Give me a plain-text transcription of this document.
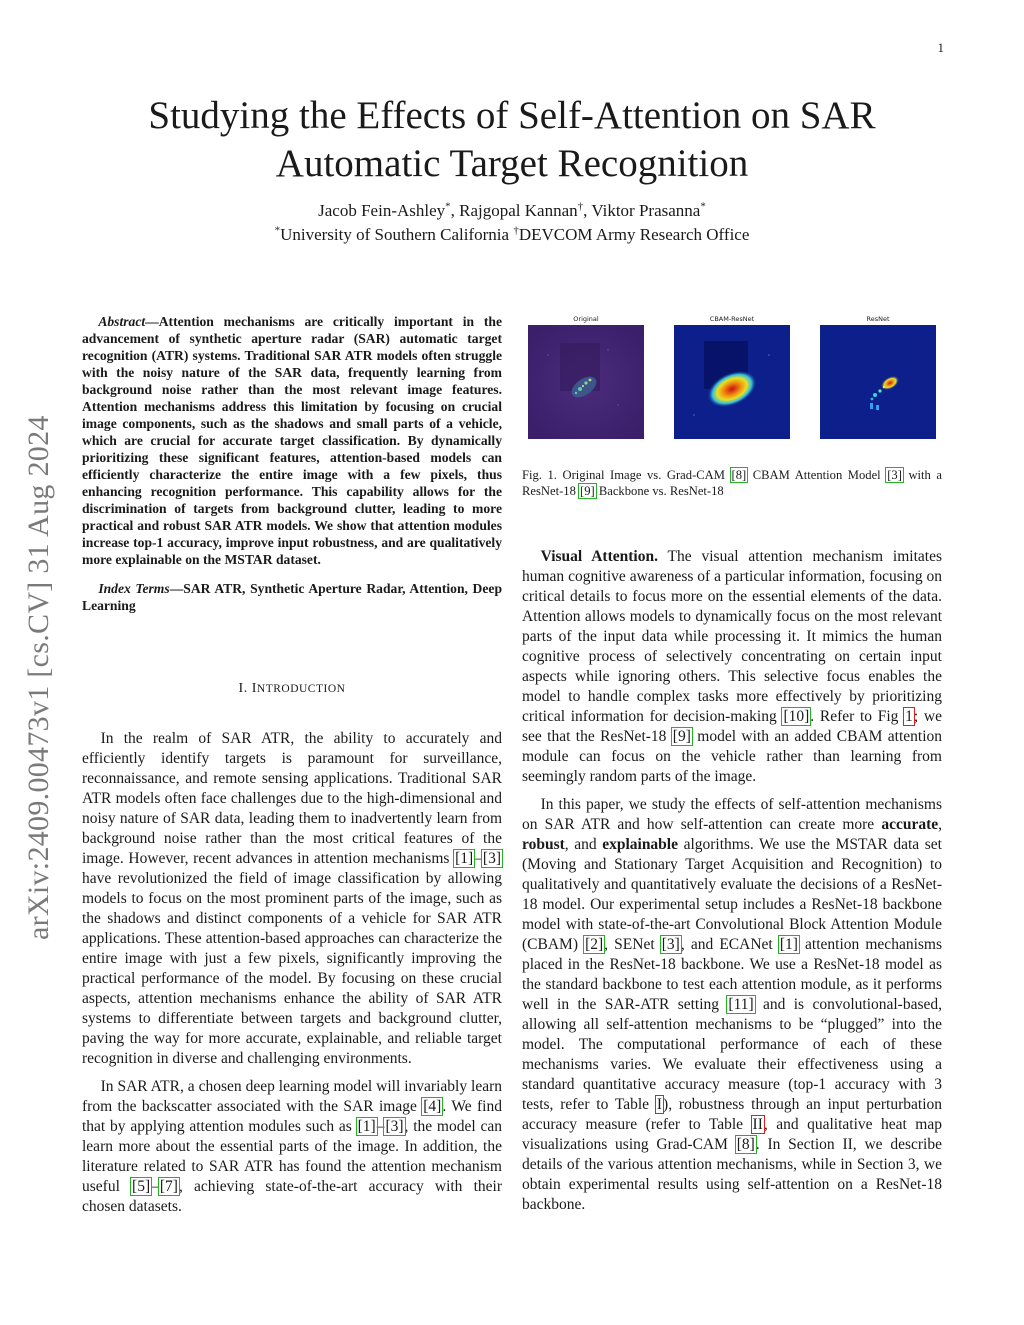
1
arXiv:2409.00473v1 [cs.CV] 31 Aug 2024
Studying the Effects of Self-Attention on SAR
Automatic Target Recognition
Jacob Fein-Ashley*, Rajgopal Kannan†, Viktor Prasanna*
*University of Southern California †DEVCOM Army Research Office

Abstract—Attention mechanisms are critically important in the advancement of synthetic aperture radar (SAR) automatic target recognition (ATR) systems. Traditional SAR ATR models often struggle with the noisy nature of the SAR data, frequently learning from background noise rather than the most relevant image features. Attention mechanisms address this limitation by focusing on crucial image components, such as the shadows and small parts of a vehicle, which are crucial for accurate target classification. By dynamically prioritizing these significant features, attention-based models can efficiently characterize the entire image with a few pixels, thus enhancing recognition performance. This capability allows for the discrimination of targets from background clutter, leading to more practical and robust SAR ATR models. We show that attention modules increase top-1 accuracy, improve input robustness, and are qualitatively more explainable on the MSTAR dataset.

Index Terms—SAR ATR, Synthetic Aperture Radar, Attention, Deep Learning

I. INTRODUCTION

In the realm of SAR ATR, the ability to accurately and efficiently identify targets is paramount for surveillance, reconnaissance, and remote sensing applications. Traditional SAR ATR models often face challenges due to the high-dimensional and noisy nature of SAR data, leading them to inadvertently learn from background noise rather than the most critical features of the image. However, recent advances in attention mechanisms [1]–[3] have revolutionized the field of image classification by allowing models to focus on the most prominent parts of the image, such as the shadows and distinct components of a vehicle for SAR ATR applications. These attention-based approaches can characterize the entire image with just a few pixels, significantly improving the practical performance of the model. By focusing on these crucial aspects, attention mechanisms enhance the ability of SAR ATR systems to differentiate between targets and background clutter, paving the way for more accurate, explainable, and reliable target recognition in diverse and challenging environments.

In SAR ATR, a chosen deep learning model will invariably learn from the backscatter associated with the SAR image [4]. We find that by applying attention modules such as [1]–[3], the model can learn more about the essential parts of the image. In addition, the literature related to SAR ATR has found the attention mechanism useful [5]–[7], achieving state-of-the-art accuracy with their chosen datasets.

Original	CBAM-ResNet	ResNet

Fig. 1. Original Image vs. Grad-CAM [8] CBAM Attention Model [3] with a ResNet-18 [9] Backbone vs. ResNet-18

Visual Attention. The visual attention mechanism imitates human cognitive awareness of a particular information, focusing on critical details to focus more on the essential elements of the data. Attention allows models to dynamically focus on the most relevant parts of the input data while processing it. It mimics the human cognitive process of selectively concentrating on certain input aspects while ignoring others. This selective focus enables the model to handle complex tasks more effectively by prioritizing critical information for decision-making [10]. Refer to Fig 1; we see that the ResNet-18 [9] model with an added CBAM attention module can focus on the vehicle rather than learning from seemingly random parts of the image.

In this paper, we study the effects of self-attention mechanisms on SAR ATR and how self-attention can create more accurate, robust, and explainable algorithms. We use the MSTAR data set (Moving and Stationary Target Acquisition and Recognition) to qualitatively and quantitatively evaluate the decisions of a ResNet-18 model. Our experimental setup includes a ResNet-18 backbone model with state-of-the-art Convolutional Block Attention Module (CBAM) [2], SENet [3], and ECANet [1] attention mechanisms placed in the ResNet-18 backbone. We use a ResNet-18 model as the standard backbone to test each attention module, as it performs well in the SAR-ATR setting [11] and is convolutional-based, allowing all self-attention mechanisms to be “plugged” into the model. The computational performance of each of these mechanisms varies. We evaluate their effectiveness using a standard quantitative accuracy measure (top-1 accuracy with 3 tests, refer to Table I), robustness through an input perturbation accuracy measure (refer to Table II, and qualitative heat map visualizations using Grad-CAM [8]. In Section II, we describe details of the various attention mechanisms, while in Section 3, we obtain experimental results using self-attention on a ResNet-18 backbone.
